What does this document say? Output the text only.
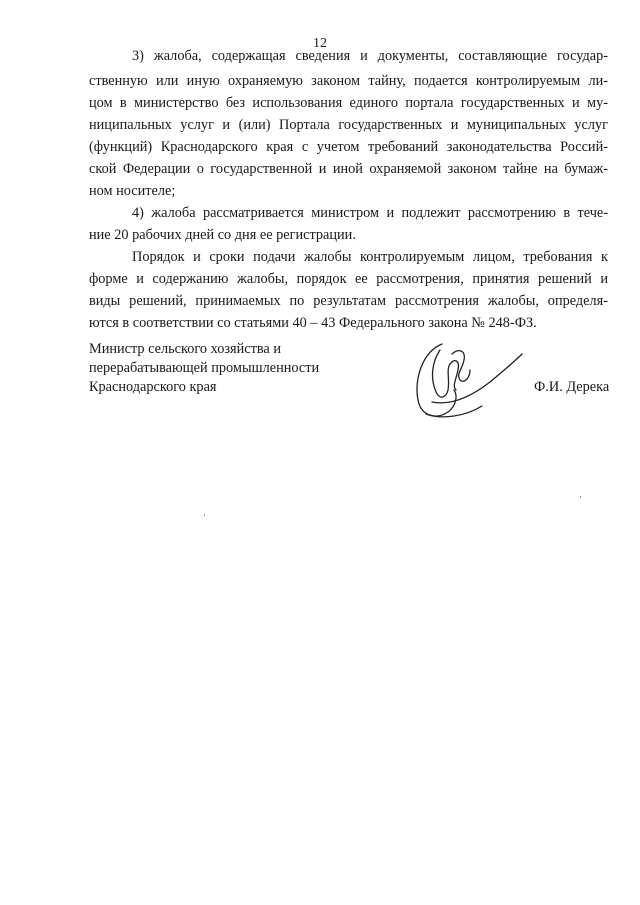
12
3) жалоба, содержащая сведения и документы, составляющие государ-
ственную или иную охраняемую законом тайну, подается контролируемым ли-
цом в министерство без использования единого портала государственных и му-
ниципальных услуг и (или) Портала государственных и муниципальных услуг
(функций) Краснодарского края с учетом требований законодательства Россий-
ской Федерации о государственной и иной охраняемой законом тайне на бумаж-
ном носителе;
4) жалоба рассматривается министром и подлежит рассмотрению в тече-
ние 20 рабочих дней со дня ее регистрации.
Порядок и сроки подачи жалобы контролируемым лицом, требования к
форме и содержанию жалобы, порядок ее рассмотрения, принятия решений и
виды решений, принимаемых по результатам рассмотрения жалобы, определя-
ются в соответствии со статьями 40 – 43 Федерального закона № 248-ФЗ.
Министр сельского хозяйства и
перерабатывающей промышленности
Краснодарского края	Ф.И. Дерека
